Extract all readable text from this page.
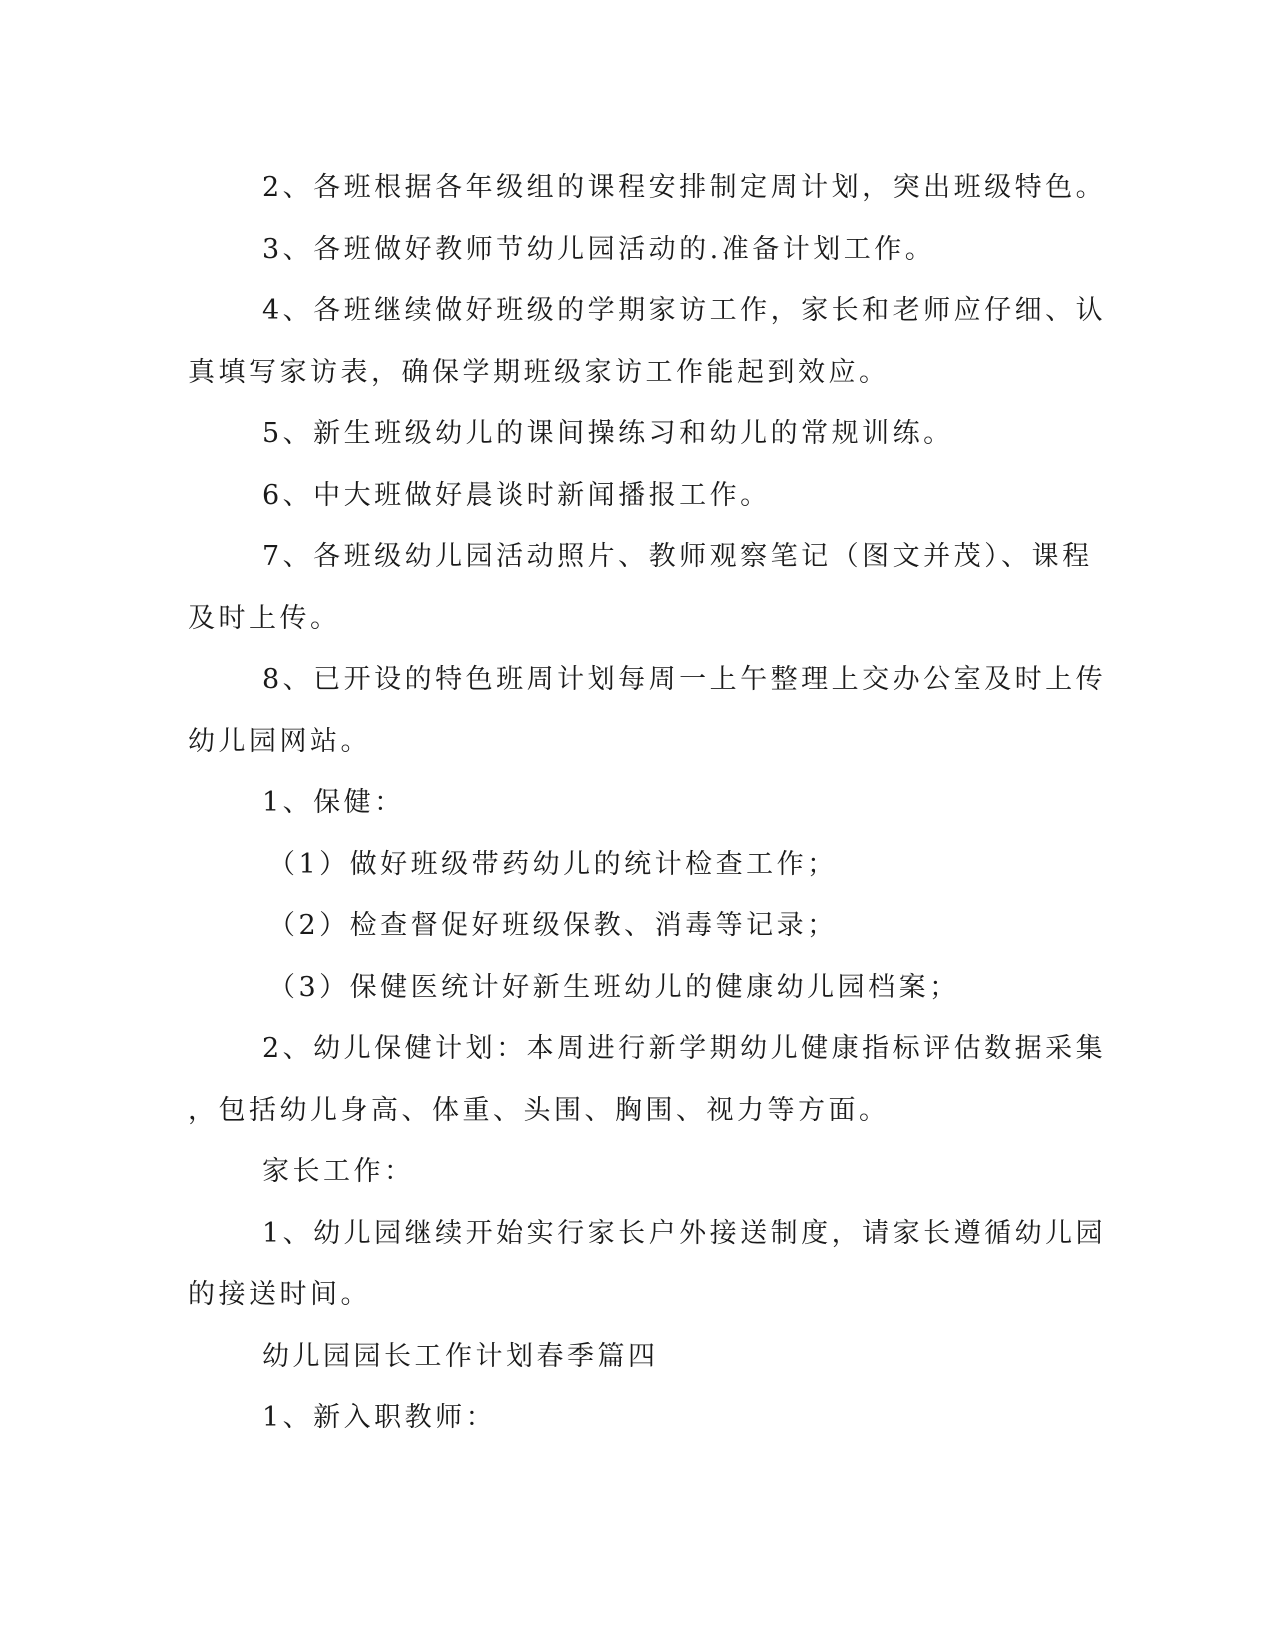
2、各班根据各年级组的课程安排制定周计划，突出班级特色。
3、各班做好教师节幼儿园活动的.准备计划工作。
4、各班继续做好班级的学期家访工作，家长和老师应仔细、认
真填写家访表，确保学期班级家访工作能起到效应。
5、新生班级幼儿的课间操练习和幼儿的常规训练。
6、中大班做好晨谈时新闻播报工作。
7、各班级幼儿园活动照片、教师观察笔记（图文并茂）、课程
及时上传。
8、已开设的特色班周计划每周一上午整理上交办公室及时上传
幼儿园网站。
1、保健：
（1）做好班级带药幼儿的统计检查工作；
（2）检查督促好班级保教、消毒等记录；
（3）保健医统计好新生班幼儿的健康幼儿园档案；
2、幼儿保健计划：本周进行新学期幼儿健康指标评估数据采集
，包括幼儿身高、体重、头围、胸围、视力等方面。
家长工作：
1、幼儿园继续开始实行家长户外接送制度，请家长遵循幼儿园
的接送时间。
幼儿园园长工作计划春季篇四
1、新入职教师：
